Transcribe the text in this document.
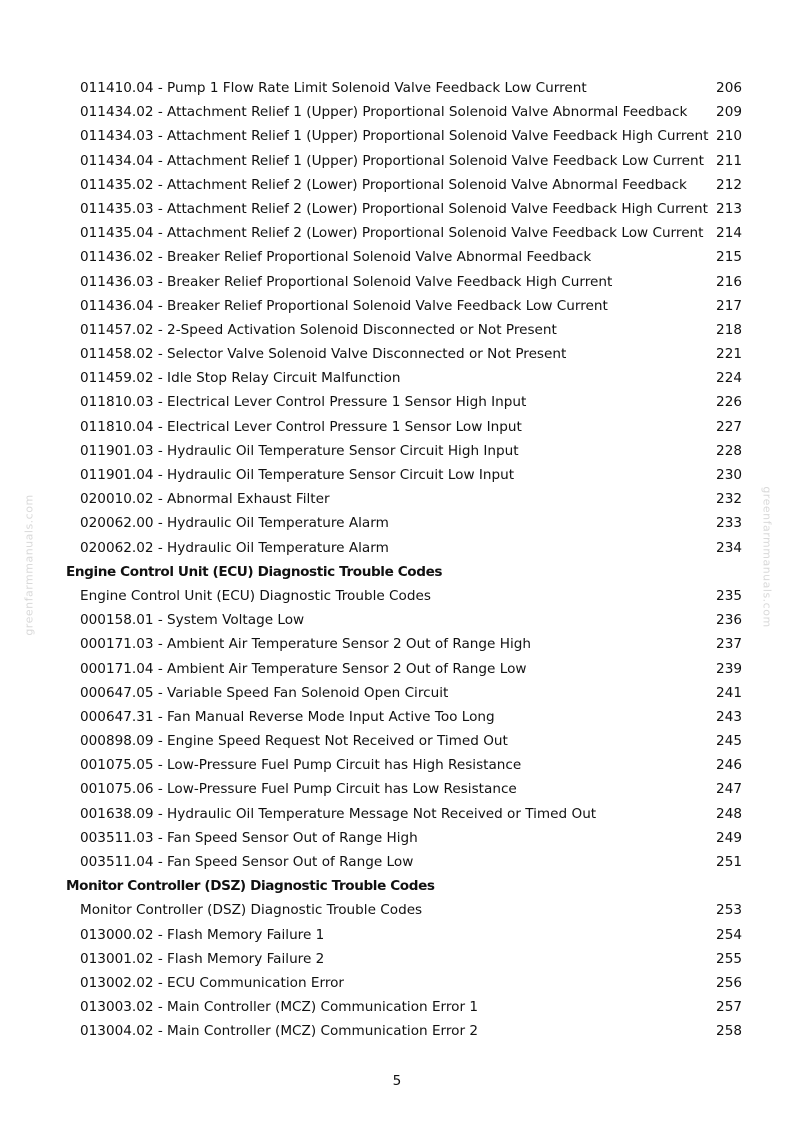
011410.04 - Pump 1 Flow Rate Limit Solenoid Valve Feedback Low Current	206
011434.02 - Attachment Relief 1 (Upper) Proportional Solenoid Valve Abnormal Feedback 209
011434.03 - Attachment Relief 1 (Upper) Proportional Solenoid Valve Feedback High Current 210
011434.04 - Attachment Relief 1 (Upper) Proportional Solenoid Valve Feedback Low Current 211
011435.02 - Attachment Relief 2 (Lower) Proportional Solenoid Valve Abnormal Feedback 212
011435.03 - Attachment Relief 2 (Lower) Proportional Solenoid Valve Feedback High Current 213
011435.04 - Attachment Relief 2 (Lower) Proportional Solenoid Valve Feedback Low Current 214
011436.02 - Breaker Relief Proportional Solenoid Valve Abnormal Feedback	215
011436.03 - Breaker Relief Proportional Solenoid Valve Feedback High Current	216
011436.04 - Breaker Relief Proportional Solenoid Valve Feedback Low Current	217
011457.02 - 2-Speed Activation Solenoid Disconnected or Not Present	218
011458.02 - Selector Valve Solenoid Valve Disconnected or Not Present	221
011459.02 - Idle Stop Relay Circuit Malfunction	224
011810.03 - Electrical Lever Control Pressure 1 Sensor High Input	226
011810.04 - Electrical Lever Control Pressure 1 Sensor Low Input	227
011901.03 - Hydraulic Oil Temperature Sensor Circuit High Input	228
011901.04 - Hydraulic Oil Temperature Sensor Circuit Low Input	230
020010.02 - Abnormal Exhaust Filter	232
020062.00 - Hydraulic Oil Temperature Alarm	233
020062.02 - Hydraulic Oil Temperature Alarm	234
Engine Control Unit (ECU) Diagnostic Trouble Codes
Engine Control Unit (ECU) Diagnostic Trouble Codes	235
000158.01 - System Voltage Low	236
000171.03 - Ambient Air Temperature Sensor 2 Out of Range High	237
000171.04 - Ambient Air Temperature Sensor 2 Out of Range Low	239
000647.05 - Variable Speed Fan Solenoid Open Circuit	241
000647.31 - Fan Manual Reverse Mode Input Active Too Long	243
000898.09 - Engine Speed Request Not Received or Timed Out	245
001075.05 - Low-Pressure Fuel Pump Circuit has High Resistance	246
001075.06 - Low-Pressure Fuel Pump Circuit has Low Resistance	247
001638.09 - Hydraulic Oil Temperature Message Not Received or Timed Out	248
003511.03 - Fan Speed Sensor Out of Range High	249
003511.04 - Fan Speed Sensor Out of Range Low	251
Monitor Controller (DSZ) Diagnostic Trouble Codes
Monitor Controller (DSZ) Diagnostic Trouble Codes	253
013000.02 - Flash Memory Failure 1	254
013001.02 - Flash Memory Failure 2	255
013002.02 - ECU Communication Error	256
013003.02 - Main Controller (MCZ) Communication Error 1	257
013004.02 - Main Controller (MCZ) Communication Error 2	258
greenfarmmanuals.com	greenfarmmanuals.com
5
